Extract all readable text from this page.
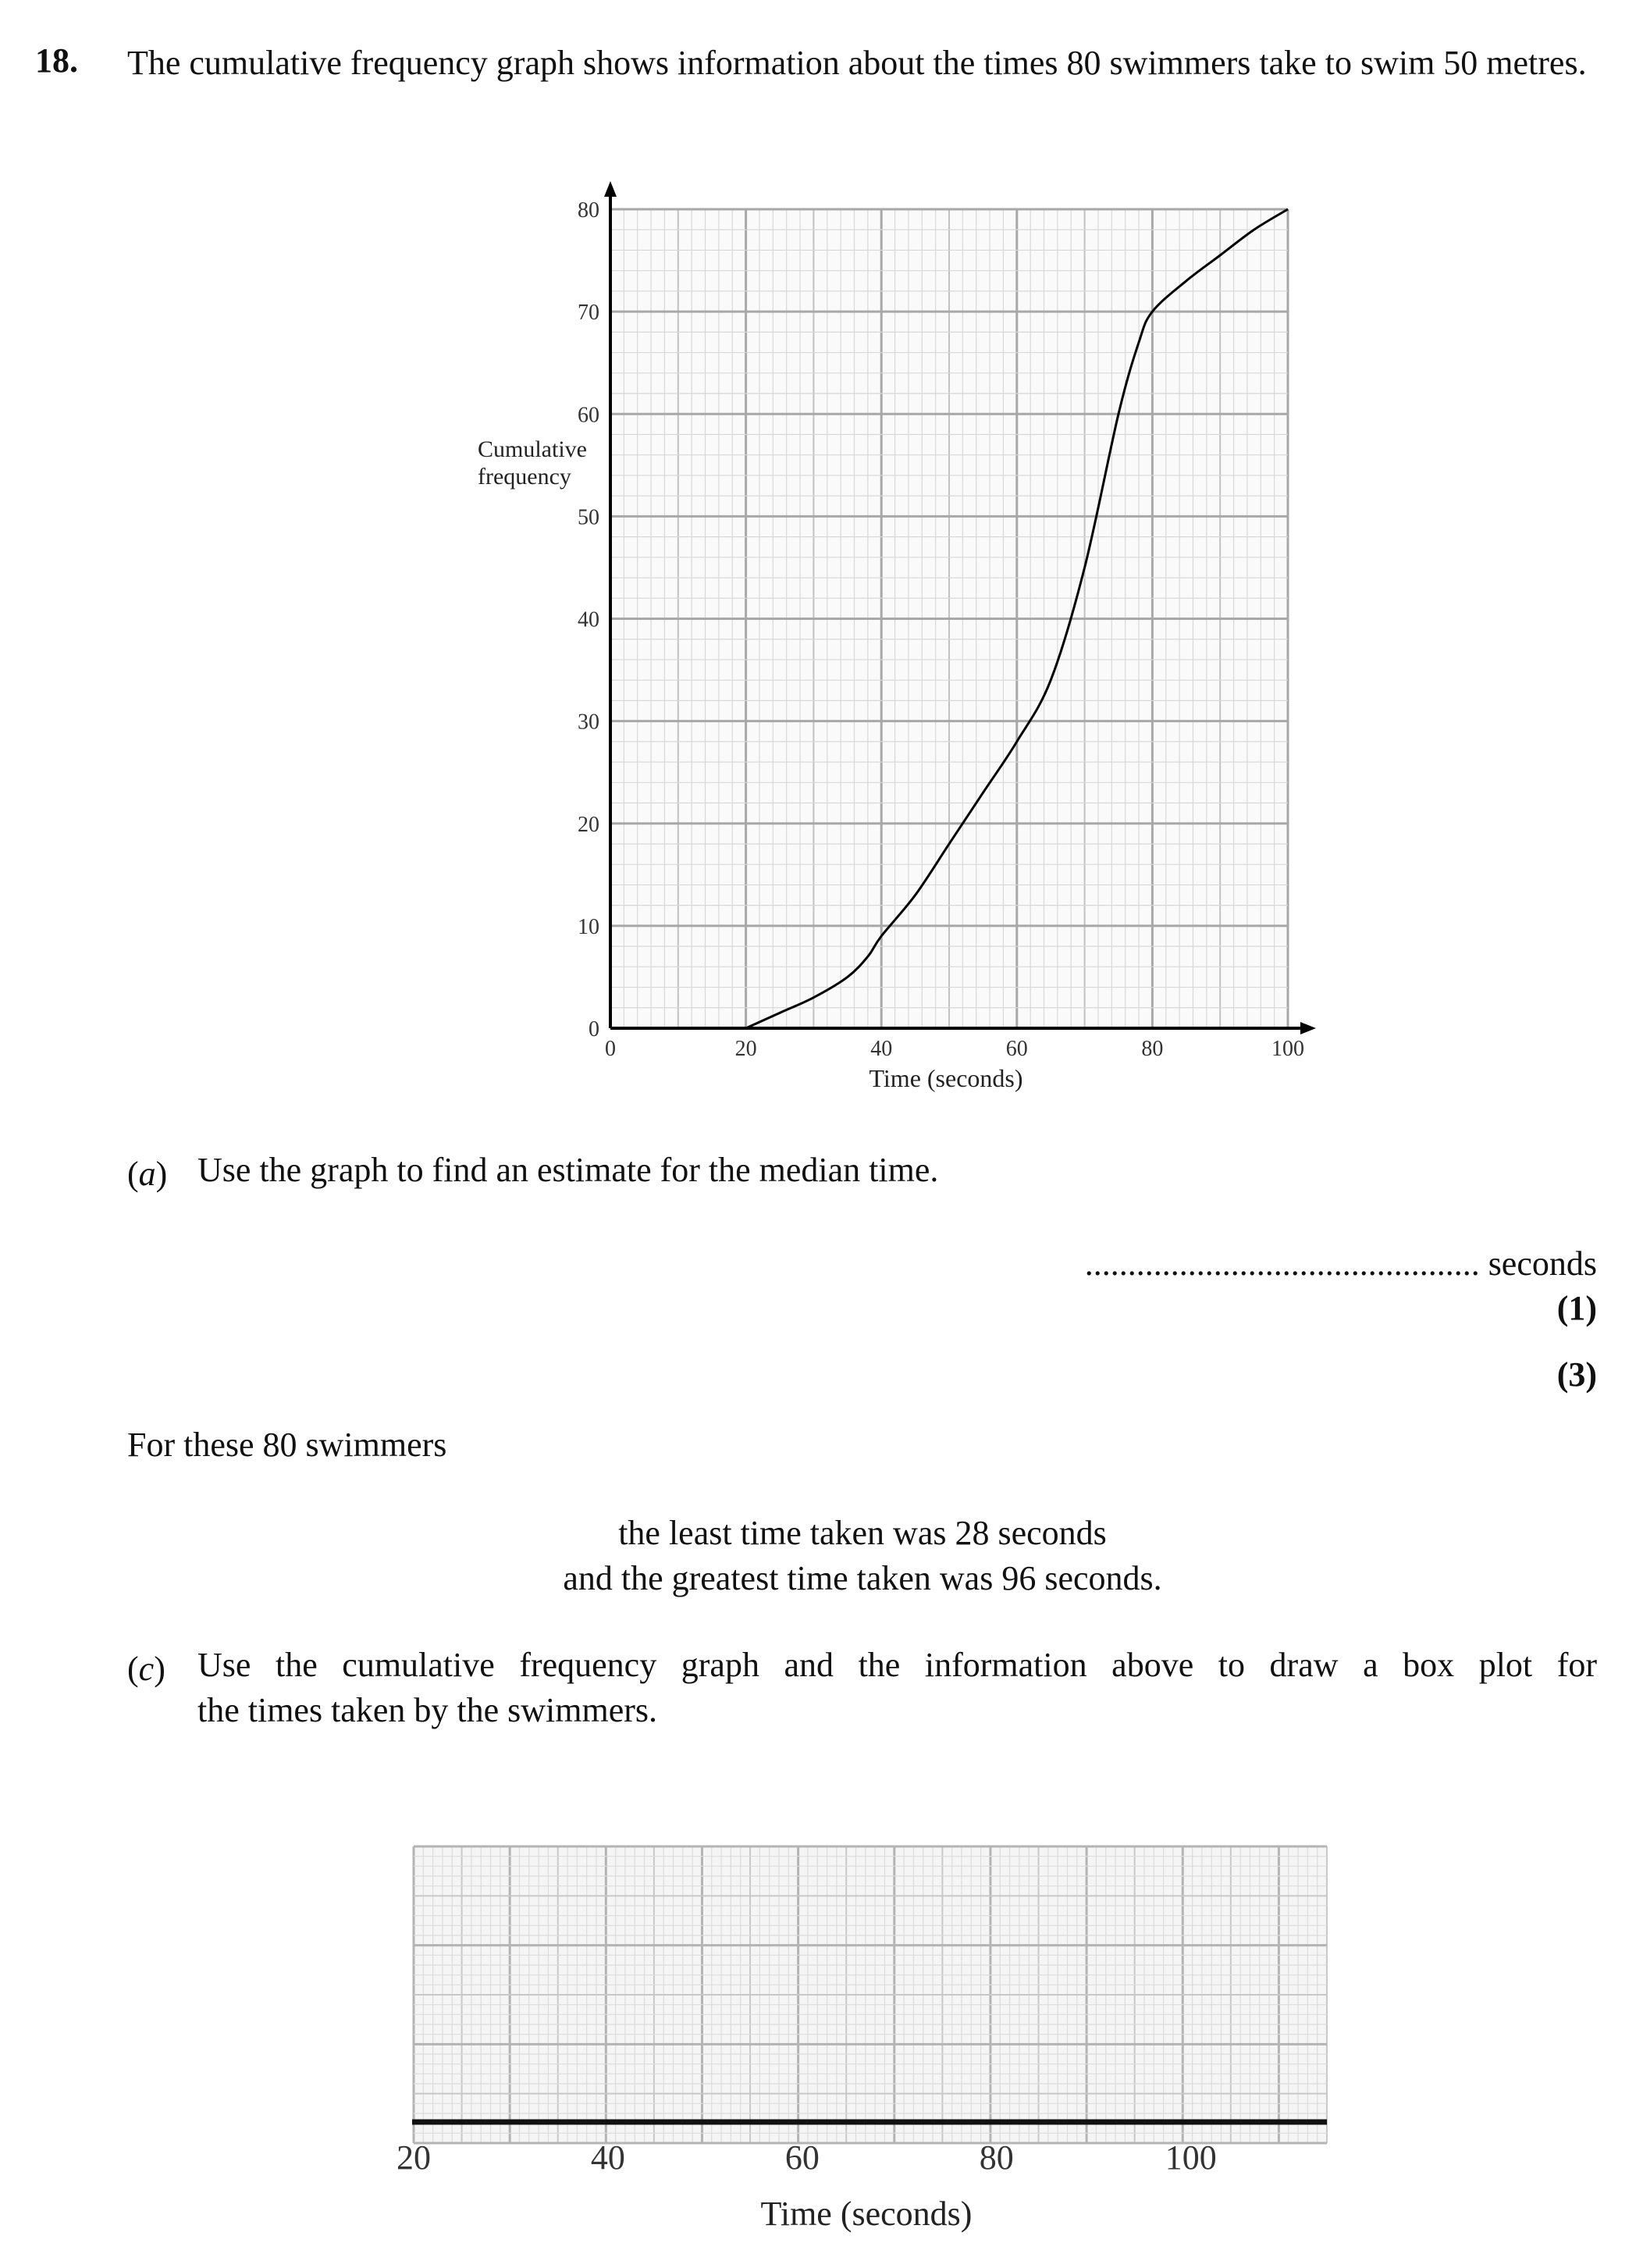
18. The cumulative frequency graph shows information about the times 80 swimmers take to swim 50 metres.
0
10
20
30
40
50
60
70
80
0	20	40	60	80	100
Cumulative
frequency
Time (seconds)
(a) Use the graph to find an estimate for the median time.
.............................................. seconds
(1)
(3)
For these 80 swimmers
the least time taken was 28 seconds
and the greatest time taken was 96 seconds.
(c) Use the cumulative frequency graph and the information above to draw a box plot for
the times taken by the swimmers.
20	40	60	80	100
Time (seconds)
